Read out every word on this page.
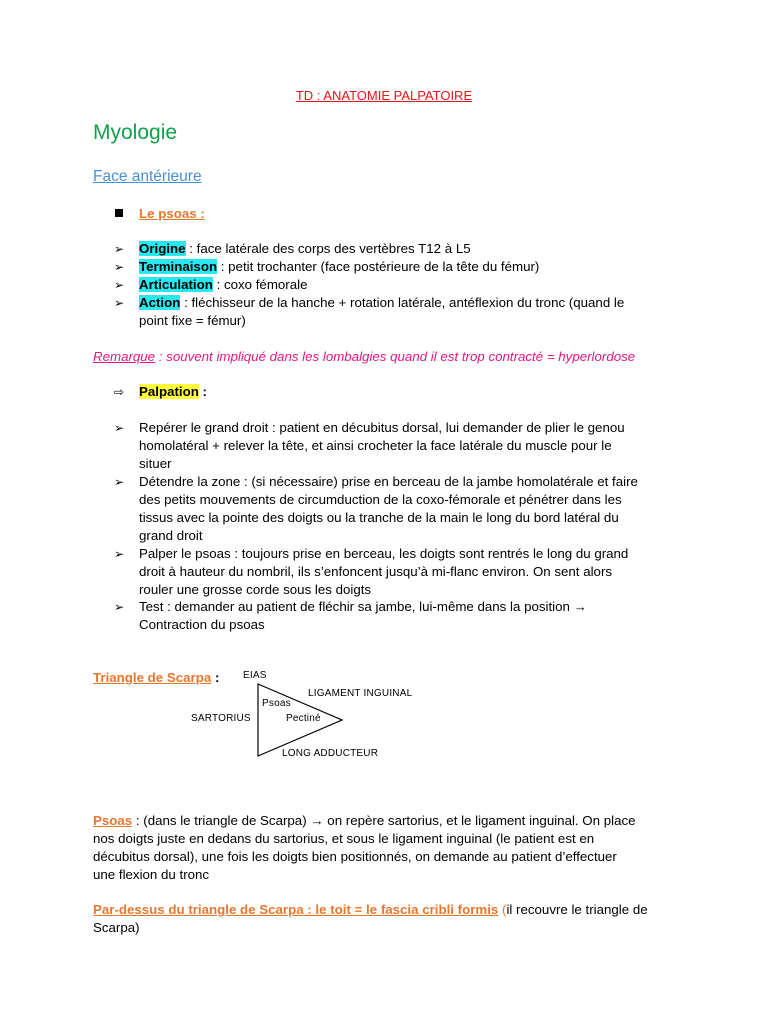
TD : ANATOMIE PALPATOIRE
Myologie
Face antérieure
Le psoas :
➢ Origine : face latérale des corps des vertèbres T12 à L5
➢ Terminaison : petit trochanter (face postérieure de la tête du fémur)
➢ Articulation : coxo fémorale
➢ Action : fléchisseur de la hanche + rotation latérale, antéflexion du tronc (quand le
point fixe = fémur)
Remarque : souvent impliqué dans les lombalgies quand il est trop contracté = hyperlordose
⇨ Palpation :
➢ Repérer le grand droit : patient en décubitus dorsal, lui demander de plier le genou
homolatéral + relever la tête, et ainsi crocheter la face latérale du muscle pour le
situer
➢ Détendre la zone : (si nécessaire) prise en berceau de la jambe homolatérale et faire
des petits mouvements de circumduction de la coxo-fémorale et pénétrer dans les
tissus avec la pointe des doigts ou la tranche de la main le long du bord latéral du
grand droit
➢ Palper le psoas : toujours prise en berceau, les doigts sont rentrés le long du grand
droit à hauteur du nombril, ils s’enfoncent jusqu’à mi-flanc environ. On sent alors
rouler une grosse corde sous les doigts
➢ Test : demander au patient de fléchir sa jambe, lui-même dans la position →
Contraction du psoas
Triangle de Scarpa : EIAS
LIGAMENT INGUINAL
Psoas
SARTORIUS	Pectiné
LONG ADDUCTEUR
Psoas : (dans le triangle de Scarpa) → on repère sartorius, et le ligament inguinal. On place
nos doigts juste en dedans du sartorius, et sous le ligament inguinal (le patient est en
décubitus dorsal), une fois les doigts bien positionnés, on demande au patient d’effectuer
une flexion du tronc
Par-dessus du triangle de Scarpa : le toit = le fascia cribli formis (il recouvre le triangle de
Scarpa)
